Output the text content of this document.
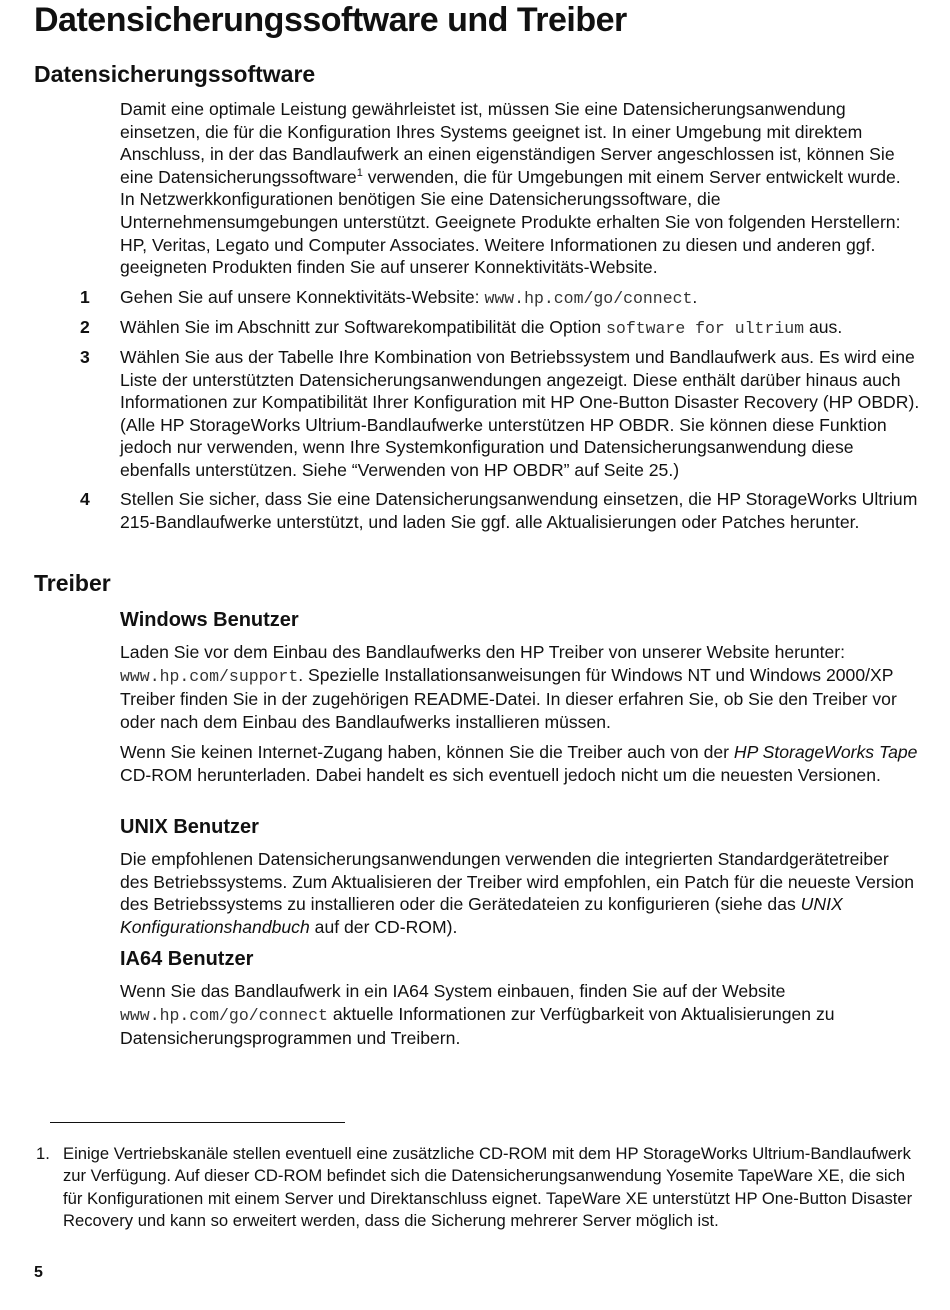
Datensicherungssoftware und Treiber
Datensicherungssoftware

Damit eine optimale Leistung gewährleistet ist, müssen Sie eine Datensicherungsanwendung einsetzen, die für die Konfiguration Ihres Systems geeignet ist. In einer Umgebung mit direktem Anschluss, in der das Bandlaufwerk an einen eigenständigen Server angeschlossen ist, können Sie eine Datensicherungssoftware$^1$ verwenden, die für Umgebungen mit einem Server entwickelt wurde. In Netzwerkkonfigurationen benötigen Sie eine Datensicherungssoftware, die Unternehmensumgebungen unterstützt. Geeignete Produkte erhalten Sie von folgenden Herstellern: HP, Veritas, Legato und Computer Associates. Weitere Informationen zu diesen und anderen ggf. geeigneten Produkten finden Sie auf unserer Konnektivitäts-Website.

1 Gehen Sie auf unsere Konnektivitäts-Website: www.hp.com/go/connect.
2 Wählen Sie im Abschnitt zur Softwarekompatibilität die Option software for ultrium aus.
3 Wählen Sie aus der Tabelle Ihre Kombination von Betriebssystem und Bandlaufwerk aus. Es wird eine Liste der unterstützten Datensicherungsanwendungen angezeigt. Diese enthält darüber hinaus auch Informationen zur Kompatibilität Ihrer Konfiguration mit HP One-Button Disaster Recovery (HP OBDR). (Alle HP StorageWorks Ultrium-Bandlaufwerke unterstützen HP OBDR. Sie können diese Funktion jedoch nur verwenden, wenn Ihre Systemkonfiguration und Datensicherungsanwendung diese ebenfalls unterstützen. Siehe “Verwenden von HP OBDR” auf Seite 25.)
4 Stellen Sie sicher, dass Sie eine Datensicherungsanwendung einsetzen, die HP StorageWorks Ultrium 215-Bandlaufwerke unterstützt, und laden Sie ggf. alle Aktualisierungen oder Patches herunter.
Treiber
Windows Benutzer

Laden Sie vor dem Einbau des Bandlaufwerks den HP Treiber von unserer Website herunter: www.hp.com/support. Spezielle Installationsanweisungen für Windows NT und Windows 2000/XP Treiber finden Sie in der zugehörigen README-Datei. In dieser erfahren Sie, ob Sie den Treiber vor oder nach dem Einbau des Bandlaufwerks installieren müssen.

Wenn Sie keinen Internet-Zugang haben, können Sie die Treiber auch von der HP StorageWorks Tape CD-ROM herunterladen. Dabei handelt es sich eventuell jedoch nicht um die neuesten Versionen.

UNIX Benutzer

Die empfohlenen Datensicherungsanwendungen verwenden die integrierten Standardgerätetreiber des Betriebssystems. Zum Aktualisieren der Treiber wird empfohlen, ein Patch für die neueste Version des Betriebssystems zu installieren oder die Gerätedateien zu konfigurieren (siehe das UNIX Konfigurationshandbuch auf der CD-ROM).

IA64 Benutzer

Wenn Sie das Bandlaufwerk in ein IA64 System einbauen, finden Sie auf der Website www.hp.com/go/connect aktuelle Informationen zur Verfügbarkeit von Aktualisierungen zu Datensicherungsprogrammen und Treibern.

1. Einige Vertriebskanäle stellen eventuell eine zusätzliche CD-ROM mit dem HP StorageWorks Ultrium-Bandlaufwerk zur Verfügung. Auf dieser CD-ROM befindet sich die Datensicherungsanwendung Yosemite TapeWare XE, die sich für Konfigurationen mit einem Server und Direktanschluss eignet. TapeWare XE unterstützt HP One-Button Disaster Recovery und kann so erweitert werden, dass die Sicherung mehrerer Server möglich ist.
5
